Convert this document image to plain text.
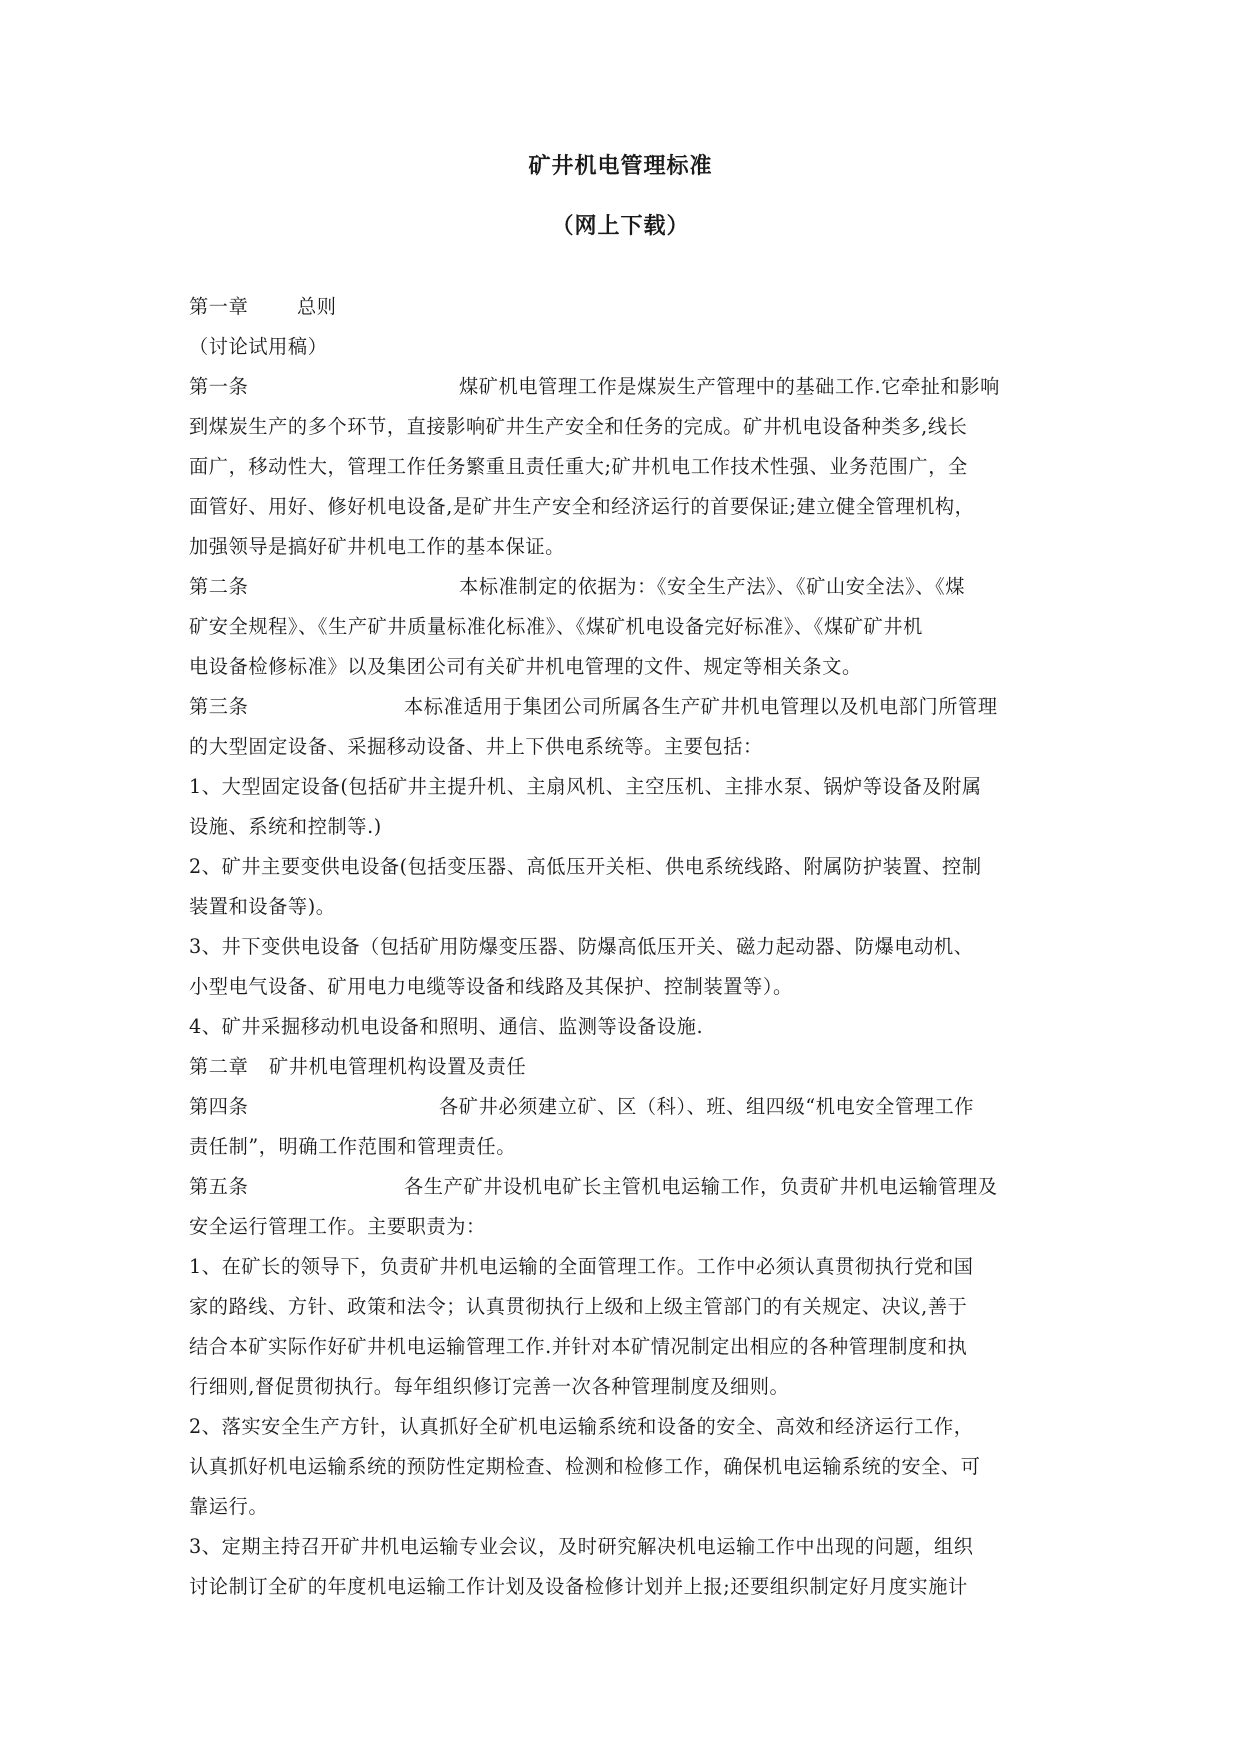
矿井机电管理标准
（网上下载）
第一章	总则
（讨论试用稿）
第一条	煤矿机电管理工作是煤炭生产管理中的基础工作.它牵扯和影响
到煤炭生产的多个环节，直接影响矿井生产安全和任务的完成。矿井机电设备种类多,线长
面广，移动性大，管理工作任务繁重且责任重大;矿井机电工作技术性强、业务范围广，全
面管好、用好、修好机电设备,是矿井生产安全和经济运行的首要保证;建立健全管理机构，
加强领导是搞好矿井机电工作的基本保证。
第二条	本标准制定的依据为：《安全生产法》、《矿山安全法》、《煤
矿安全规程》、《生产矿井质量标准化标准》、《煤矿机电设备完好标准》、《煤矿矿井机
电设备检修标准》以及集团公司有关矿井机电管理的文件、规定等相关条文。
第三条	本标准适用于集团公司所属各生产矿井机电管理以及机电部门所管理
的大型固定设备、采掘移动设备、井上下供电系统等。主要包括：
1、大型固定设备(包括矿井主提升机、主扇风机、主空压机、主排水泵、锅炉等设备及附属
设施、系统和控制等.)
2、矿井主要变供电设备(包括变压器、高低压开关柜、供电系统线路、附属防护装置、控制
装置和设备等)。
3、井下变供电设备（包括矿用防爆变压器、防爆高低压开关、磁力起动器、防爆电动机、
小型电气设备、矿用电力电缆等设备和线路及其保护、控制装置等）。
4、矿井采掘移动机电设备和照明、通信、监测等设备设施.
第二章 矿井机电管理机构设置及责任
第四条	各矿井必须建立矿、区（科）、班、组四级“机电安全管理工作
责任制”，明确工作范围和管理责任。
第五条	各生产矿井设机电矿长主管机电运输工作，负责矿井机电运输管理及
安全运行管理工作。主要职责为：
1、在矿长的领导下，负责矿井机电运输的全面管理工作。工作中必须认真贯彻执行党和国
家的路线、方针、政策和法令；认真贯彻执行上级和上级主管部门的有关规定、决议,善于
结合本矿实际作好矿井机电运输管理工作.并针对本矿情况制定出相应的各种管理制度和执
行细则,督促贯彻执行。每年组织修订完善一次各种管理制度及细则。
2、落实安全生产方针，认真抓好全矿机电运输系统和设备的安全、高效和经济运行工作，
认真抓好机电运输系统的预防性定期检查、检测和检修工作，确保机电运输系统的安全、可
靠运行。
3、定期主持召开矿井机电运输专业会议，及时研究解决机电运输工作中出现的问题，组织
讨论制订全矿的年度机电运输工作计划及设备检修计划并上报;还要组织制定好月度实施计
